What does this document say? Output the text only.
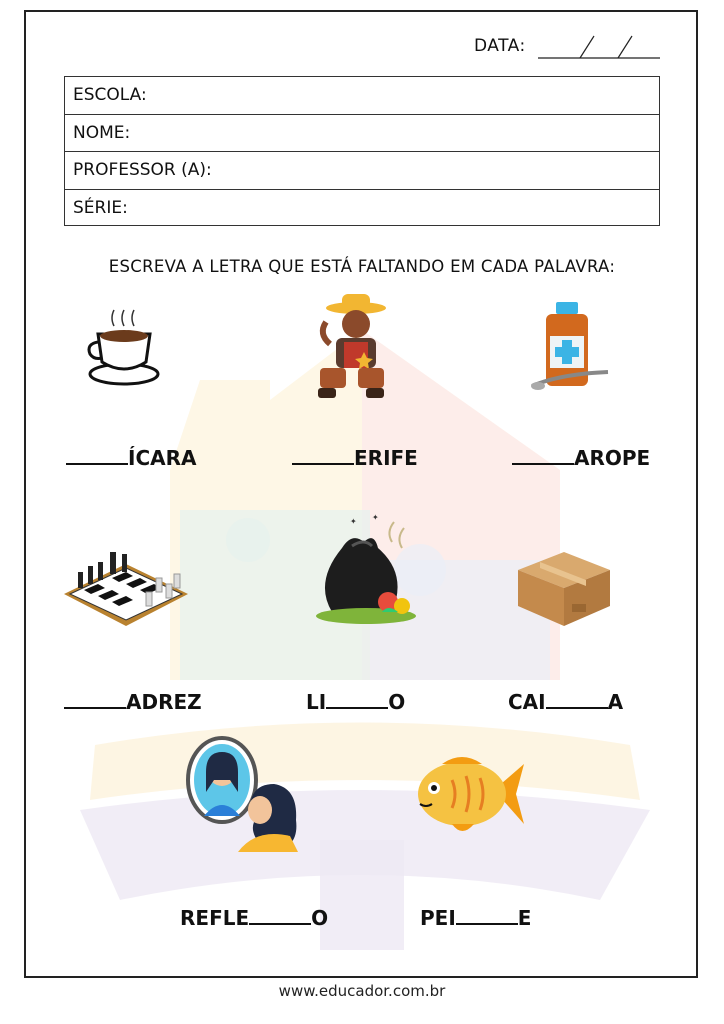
DATA:
ESCOLA:
NOME:
PROFESSOR (A):
SÉRIE:
ESCREVA A LETRA QUE ESTÁ FALTANDO EM CADA PALAVRA:
ÍCARA	ERIFE	AROPE
✦ ✦
ADREZ	LI	O	CAI	A
REFLE	O	PEI	E
www.educador.com.br
